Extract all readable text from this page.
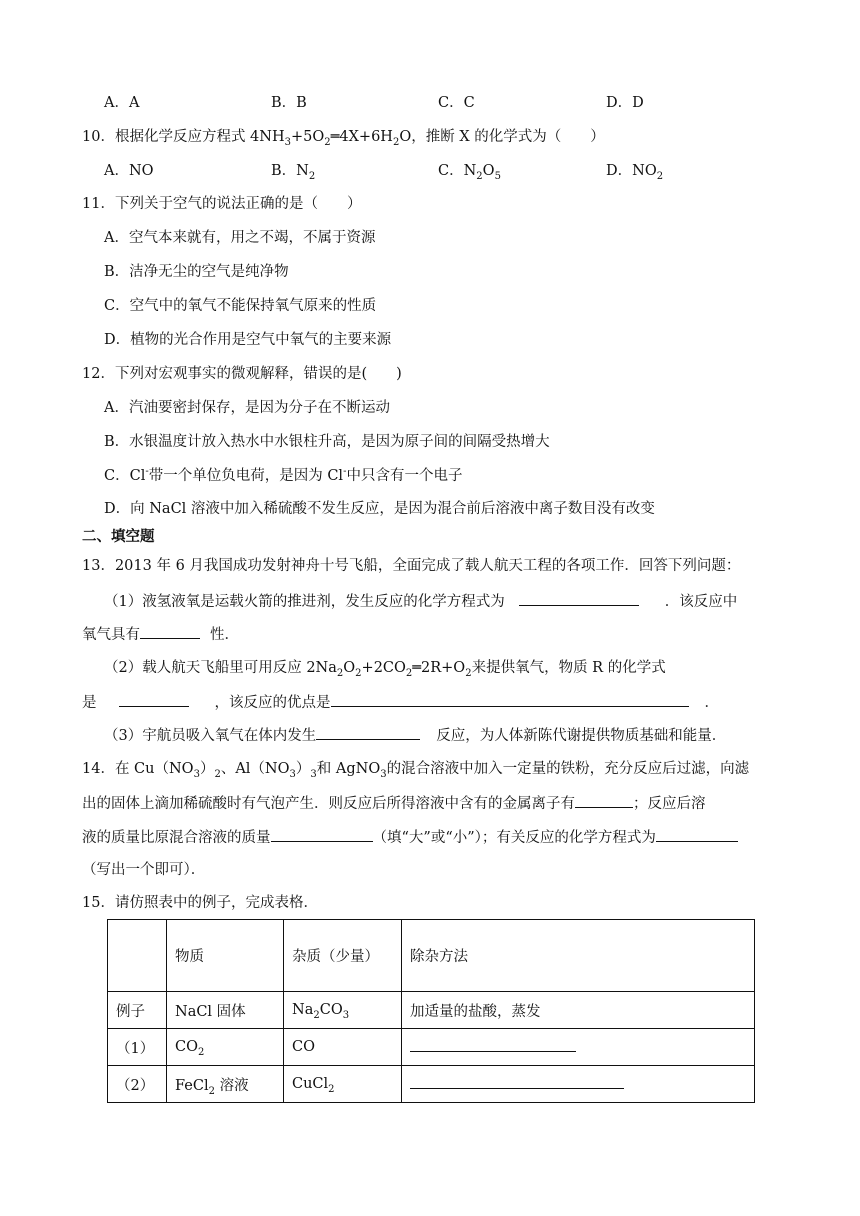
A．A	B．B	C．C	D．D
10．根据化学反应方程式 $4NH_3+5O_2═4X+6H_2O$，推断 X 的化学式为（　　）
A．NO	B．$N_2$	C．$N_2O_5$	D．$NO_2$
11．下列关于空气的说法正确的是（　　）
A．空气本来就有，用之不竭，不属于资源
B．洁净无尘的空气是纯净物
C．空气中的氧气不能保持氧气原来的性质
D．植物的光合作用是空气中氧气的主要来源
12．下列对宏观事实的微观解释，错误的是(　　)
A．汽油要密封保存，是因为分子在不断运动
B．水银温度计放入热水中水银柱升高，是因为原子间的间隔受热增大
C．Cl-带一个单位负电荷，是因为 Cl-中只含有一个电子
D．向 NaCl 溶液中加入稀硫酸不发生反应，是因为混合前后溶液中离子数目没有改变
二、填空题
13．2013 年 6 月我国成功发射神舟十号飞船，全面完成了载人航天工程的各项工作．回答下列问题：
（1）液氢液氧是运载火箭的推进剂，发生反应的化学方程式为	．该反应中
氧气具有	性．
（2）载人航天飞船里可用反应 $2Na_2O_2+2CO_2═2R+O_2$来提供氧气，物质 R 的化学式
是	，该反应的优点是	．
（3）宇航员吸入氧气在体内发生	反应，为人体新陈代谢提供物质基础和能量．
14．在 $Cu(NO_3)_2$、$Al(NO_3)_3$和 AgNO$_3$的混合溶液中加入一定量的铁粉，充分反应后过滤，向滤
出的固体上滴加稀硫酸时有气泡产生．则反应后所得溶液中含有的金属离子有	；反应后溶
液的质量比原混合溶液的质量	（填“大”或“小”）；有关反应的化学方程式为
（写出一个即可）．
15．请仿照表中的例子，完成表格．
	物质	杂质（少量）	除杂方法
例子	NaCl 固体	$Na_2CO_3$	加适量的盐酸，蒸发
（1）	$CO_2$	CO	
（2）	FeCl$_2$ 溶液	CuCl$_2$	
